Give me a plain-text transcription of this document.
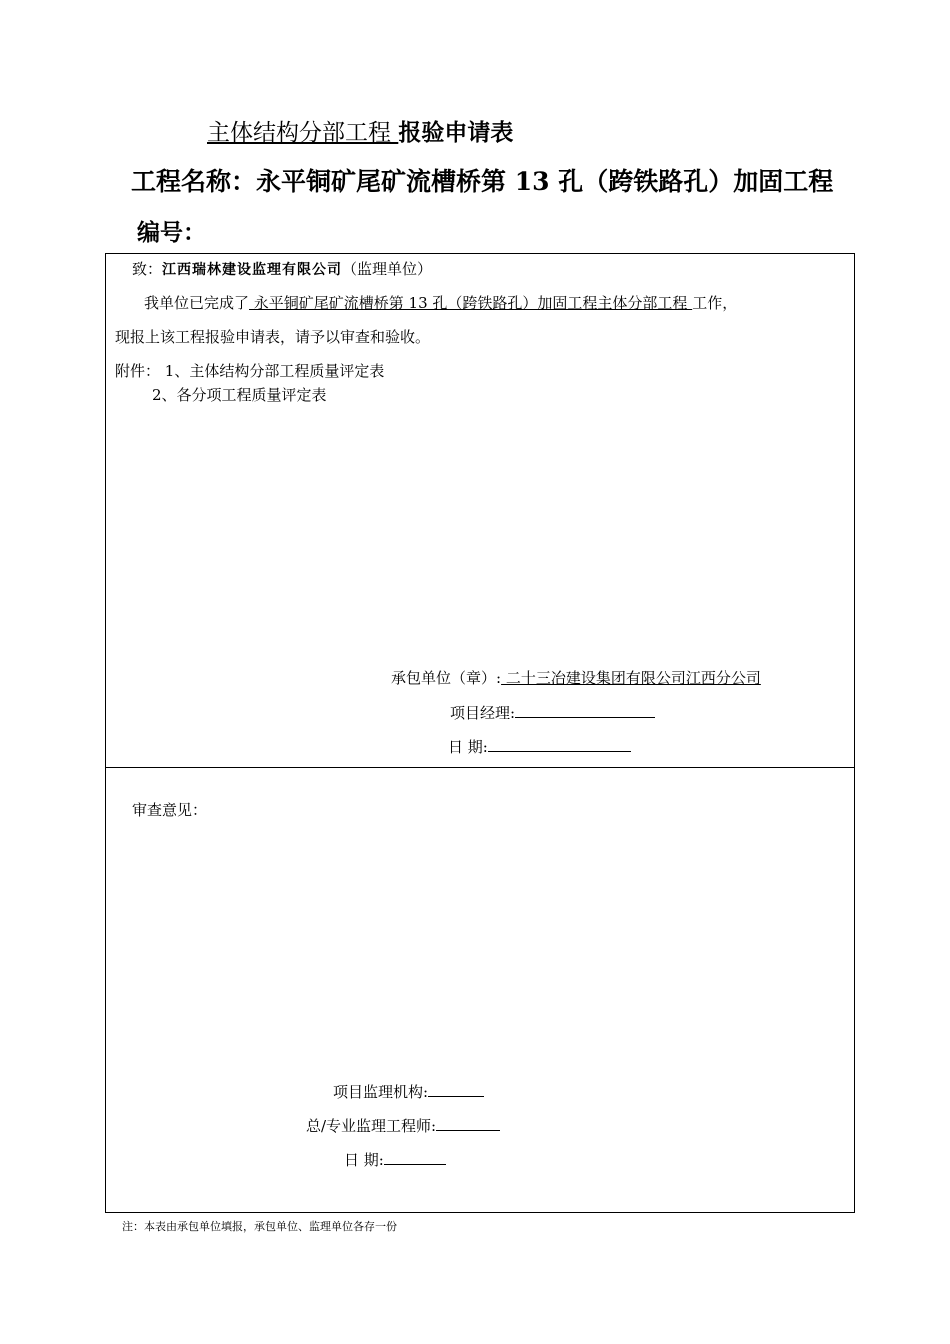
主体结构分部工程 报验申请表
工程名称：永平铜矿尾矿流槽桥第 13 孔（跨铁路孔）加固工程
编号：
致：江西瑞林建设监理有限公司（监理单位）
我单位已完成了 永平铜矿尾矿流槽桥第 13 孔（跨铁路孔）加固工程主体分部工程 工作，
现报上该工程报验申请表，请予以审查和验收。
附件： 1、主体结构分部工程质量评定表
2、各分项工程质量评定表
承包单位（章）: 二十三冶建设集团有限公司江西分公司
项目经理:
日 期:
审查意见：
项目监理机构:
总/专业监理工程师:
日 期:
注：本表由承包单位填报，承包单位、监理单位各存一份
